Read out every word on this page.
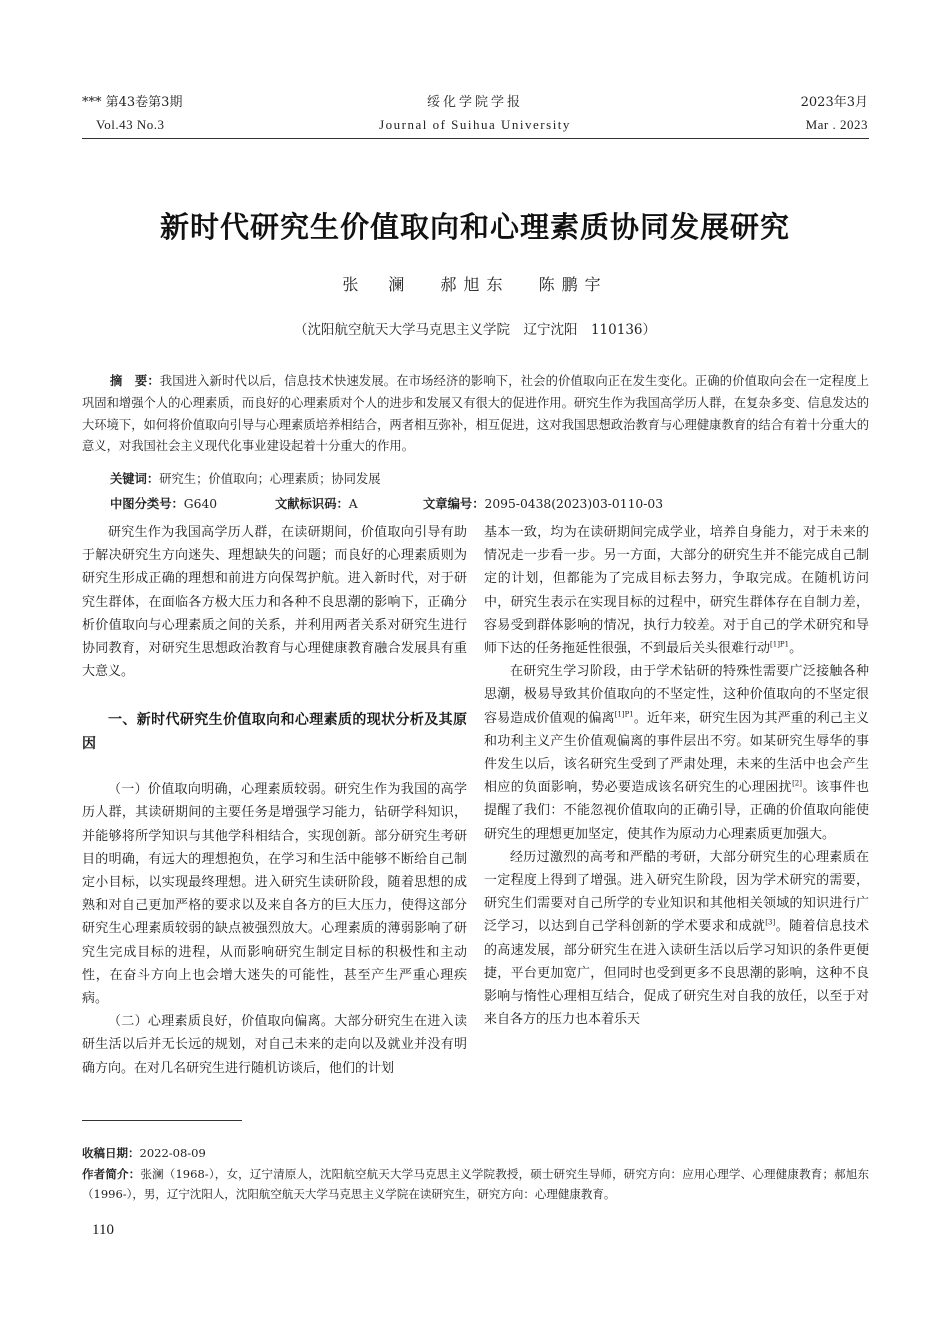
*** 第43卷第3期
Vol.43 No.3
绥化学院学报
Journal of Suihua University
2023年3月
Mar . 2023
新时代研究生价值取向和心理素质协同发展研究
张　澜 郝旭东 陈鹏宇
（沈阳航空航天大学马克思主义学院　辽宁沈阳　110136）
摘　要：我国进入新时代以后，信息技术快速发展。在市场经济的影响下，社会的价值取向正在发生变化。正确的价值取向会在一定程度上巩固和增强个人的心理素质，而良好的心理素质对个人的进步和发展又有很大的促进作用。研究生作为我国高学历人群，在复杂多变、信息发达的大环境下，如何将价值取向引导与心理素质培养相结合，两者相互弥补，相互促进，这对我国思想政治教育与心理健康教育的结合有着十分重大的意义，对我国社会主义现代化事业建设起着十分重大的作用。
关键词：研究生；价值取向；心理素质；协同发展
中图分类号：G640	文献标识码：A	文章编号：2095-0438(2023)03-0110-03

研究生作为我国高学历人群，在读研期间，价值取向引导有助于解决研究生方向迷失、理想缺失的问题；而良好的心理素质则为研究生形成正确的理想和前进方向保驾护航。进入新时代，对于研究生群体，在面临各方极大压力和各种不良思潮的影响下，正确分析价值取向与心理素质之间的关系，并利用两者关系对研究生进行协同教育，对研究生思想政治教育与心理健康教育融合发展具有重大意义。

一、新时代研究生价值取向和心理素质的现状分析及其原因

（一）价值取向明确，心理素质较弱。研究生作为我国的高学历人群，其读研期间的主要任务是增强学习能力，钻研学科知识，并能够将所学知识与其他学科相结合，实现创新。部分研究生考研目的明确，有远大的理想抱负，在学习和生活中能够不断给自己制定小目标，以实现最终理想。进入研究生读研阶段，随着思想的成熟和对自己更加严格的要求以及来自各方的巨大压力，使得这部分研究生心理素质较弱的缺点被强烈放大。心理素质的薄弱影响了研究生完成目标的进程，从而影响研究生制定目标的积极性和主动性，在奋斗方向上也会增大迷失的可能性，甚至产生严重心理疾病。

（二）心理素质良好，价值取向偏离。大部分研究生在进入读研生活以后并无长远的规划，对自己未来的走向以及就业并没有明确方向。在对几名研究生进行随机访谈后，他们的计划

基本一致，均为在读研期间完成学业，培养自身能力，对于未来的情况走一步看一步。另一方面，大部分的研究生并不能完成自己制定的计划，但都能为了完成目标去努力，争取完成。在随机访问中，研究生表示在实现目标的过程中，研究生群体存在自制力差，容易受到群体影响的情况，执行力较差。对于自己的学术研究和导师下达的任务拖延性很强，不到最后关头很难行动$^{[1]P1}$。

在研究生学习阶段，由于学术钻研的特殊性需要广泛接触各种思潮，极易导致其价值取向的不坚定性，这种价值取向的不坚定很容易造成价值观的偏离$^{[1]P1}$。近年来，研究生因为其严重的利己主义和功利主义产生价值观偏离的事件层出不穷。如某研究生辱华的事件发生以后，该名研究生受到了严肃处理，未来的生活中也会产生相应的负面影响，势必要造成该名研究生的心理困扰[2]。该事件也提醒了我们：不能忽视价值取向的正确引导，正确的价值取向能使研究生的理想更加坚定，使其作为原动力心理素质更加强大。

经历过激烈的高考和严酷的考研，大部分研究生的心理素质在一定程度上得到了增强。进入研究生阶段，因为学术研究的需要，研究生们需要对自己所学的专业知识和其他相关领域的知识进行广泛学习，以达到自己学科创新的学术要求和成就[3]。随着信息技术的高速发展，部分研究生在进入读研生活以后学习知识的条件更便捷，平台更加宽广，但同时也受到更多不良思潮的影响，这种不良影响与惰性心理相互结合，促成了研究生对自我的放任，以至于对来自各方的压力也本着乐天

收稿日期：2022-08-09
作者简介：张澜（1968-），女，辽宁清原人，沈阳航空航天大学马克思主义学院教授，硕士研究生导师，研究方向：应用心理学、心理健康教育；郝旭东（1996-），男，辽宁沈阳人，沈阳航空航天大学马克思主义学院在读研究生，研究方向：心理健康教育。
110
